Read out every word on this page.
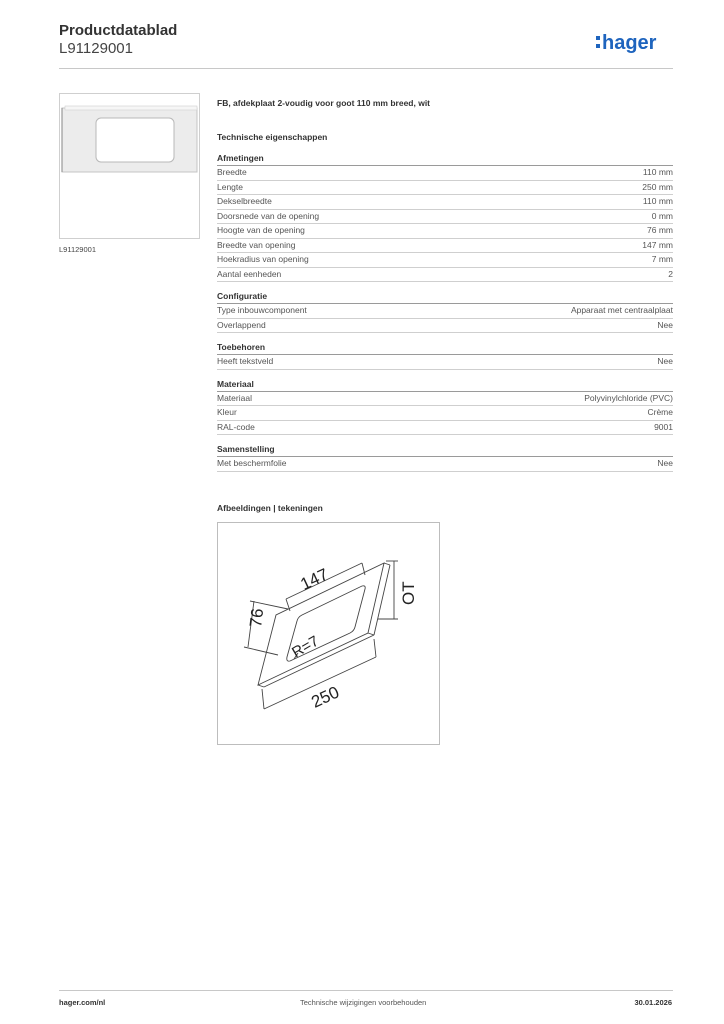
Productdatablad
L91129001	hager
L91129001
FB, afdekplaat 2-voudig voor goot 110 mm breed, wit
Technische eigenschappen
Afmetingen
Breedte	110 mm
Lengte	250 mm
Dekselbreedte	110 mm
Doorsnede van de opening	0 mm
Hoogte van de opening	76 mm
Breedte van opening	147 mm
Hoekradius van opening	7 mm
Aantal eenheden	2
Configuratie
Type inbouwcomponent	Apparaat met centraalplaat
Overlappend	Nee
Toebehoren
Heeft tekstveld	Nee
Materiaal
Materiaal	Polyvinylchloride (PVC)
Kleur	Crème
RAL-code	9001
Samenstelling
Met beschermfolie	Nee
Afbeeldingen | tekeningen
147
76
R=7
250
OT
hager.com/nl	Technische wijzigingen voorbehouden	30.01.2026
